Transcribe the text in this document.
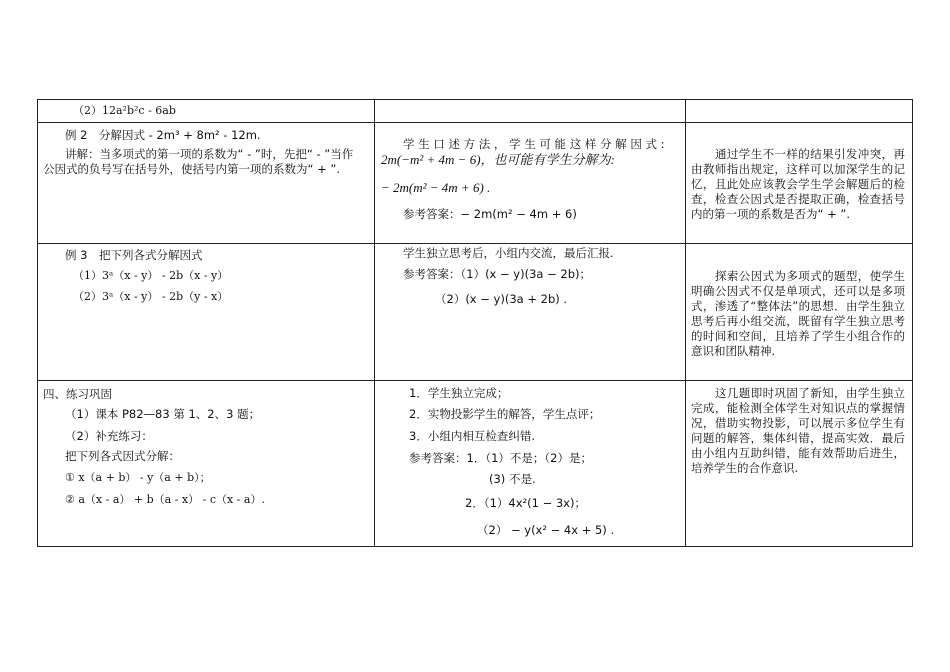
（2）12a²b²c - 6ab
例 2　分解因式 - 2m³ + 8m² - 12m.
讲解：当多项式的第一项的系数为“ - ”时，先把“ - ”当作
公因式的负号写在括号外，使括号内第一项的系数为“ + ”.
例 3　把下列各式分解因式
（1）3ᵃ（x - y） - 2b（x - y）
（2）3ᵃ（x - y） - 2b（y - x）
四、练习巩固
（1）课本 P82—83 第 1、2、3 题；
（2）补充练习：
把下列各式因式分解：
① x（a + b） - y（a + b）；
② a（x - a） + b（a - x） - c（x - a）.
学 生 口 述 方 法 ， 学 生 可 能 这 样 分 解 因 式 :
2m(−m² + 4m − 6)，也可能有学生分解为:
− 2m(m² − 4m + 6) .
参考答案：− 2m(m² − 4m + 6)
学生独立思考后，小组内交流，最后汇报.
参考答案：（1）(x − y)(3a − 2b)；
（2）(x − y)(3a + 2b) .
1．学生独立完成；
2．实物投影学生的解答，学生点评；
3．小组内相互检查纠错.
参考答案：1．（1）不是；（2）是；
(3) 不是.
2．（1）4x²(1 − 3x)；
（2） − y(x² − 4x + 5) .
通过学生不一样的结果引发冲突，再由教师指出规定，这样可以加深学生的记忆，且此处应该教会学生学会解题后的检查，检查公因式是否提取正确，检查括号内的第一项的系数是否为“ + ”.
探索公因式为多项式的题型，使学生明确公因式不仅是单项式，还可以是多项式，渗透了“整体法”的思想．由学生独立思考后再小组交流，既留有学生独立思考的时间和空间，且培养了学生小组合作的意识和团队精神.
这几题即时巩固了新知，由学生独立完成，能检测全体学生对知识点的掌握情况，借助实物投影，可以展示多位学生有问题的解答，集体纠错，提高实效．最后由小组内互助纠错，能有效帮助后进生，培养学生的合作意识.
